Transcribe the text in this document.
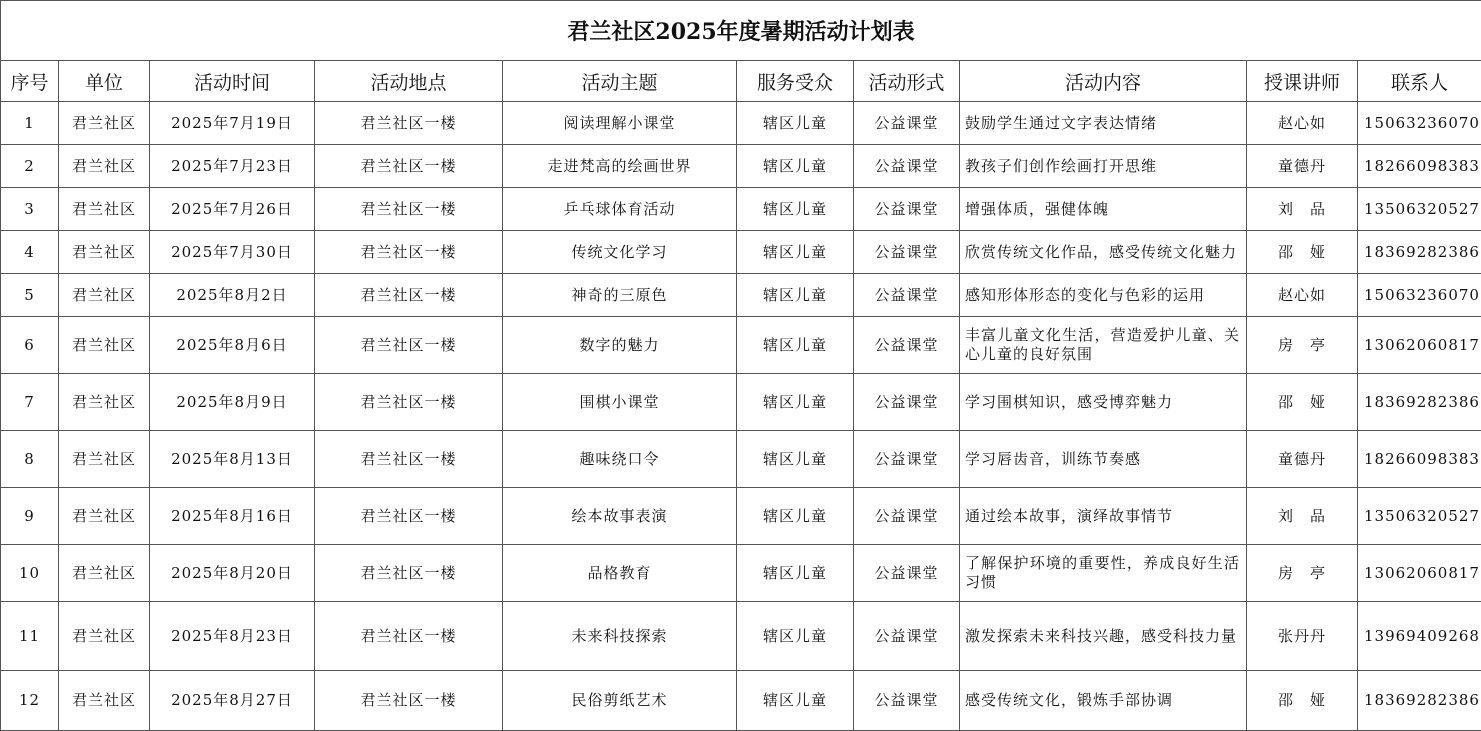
君兰社区2025年度暑期活动计划表									
序号	单位	活动时间	活动地点	活动主题	服务受众	活动形式	活动内容	授课讲师	联系人
1	君兰社区	2025年7月19日	君兰社区一楼	阅读理解小课堂	辖区儿童	公益课堂	鼓励学生通过文字表达情绪	赵心如	15063236070
2	君兰社区	2025年7月23日	君兰社区一楼	走进梵高的绘画世界	辖区儿童	公益课堂	教孩子们创作绘画打开思维	童德丹	18266098383
3	君兰社区	2025年7月26日	君兰社区一楼	乒乓球体育活动	辖区儿童	公益课堂	增强体质，强健体魄	刘　品	13506320527
4	君兰社区	2025年7月30日	君兰社区一楼	传统文化学习	辖区儿童	公益课堂	欣赏传统文化作品，感受传统文化魅力	邵　娅	18369282386
5	君兰社区	2025年8月2日	君兰社区一楼	神奇的三原色	辖区儿童	公益课堂	感知形体形态的变化与色彩的运用	赵心如	15063236070
6	君兰社区	2025年8月6日	君兰社区一楼	数字的魅力	辖区儿童	公益课堂	丰富儿童文化生活，营造爱护儿童、关心儿童的良好氛围	房　亭	13062060817
7	君兰社区	2025年8月9日	君兰社区一楼	围棋小课堂	辖区儿童	公益课堂	学习围棋知识，感受博弈魅力	邵　娅	18369282386
8	君兰社区	2025年8月13日	君兰社区一楼	趣味绕口令	辖区儿童	公益课堂	学习唇齿音，训练节奏感	童德丹	18266098383
9	君兰社区	2025年8月16日	君兰社区一楼	绘本故事表演	辖区儿童	公益课堂	通过绘本故事，演绎故事情节	刘　品	13506320527
10	君兰社区	2025年8月20日	君兰社区一楼	品格教育	辖区儿童	公益课堂	了解保护环境的重要性，养成良好生活习惯	房　亭	13062060817
11	君兰社区	2025年8月23日	君兰社区一楼	未来科技探索	辖区儿童	公益课堂	激发探索未来科技兴趣，感受科技力量	张丹丹	13969409268
12	君兰社区	2025年8月27日	君兰社区一楼	民俗剪纸艺术	辖区儿童	公益课堂	感受传统文化，锻炼手部协调	邵　娅	18369282386
